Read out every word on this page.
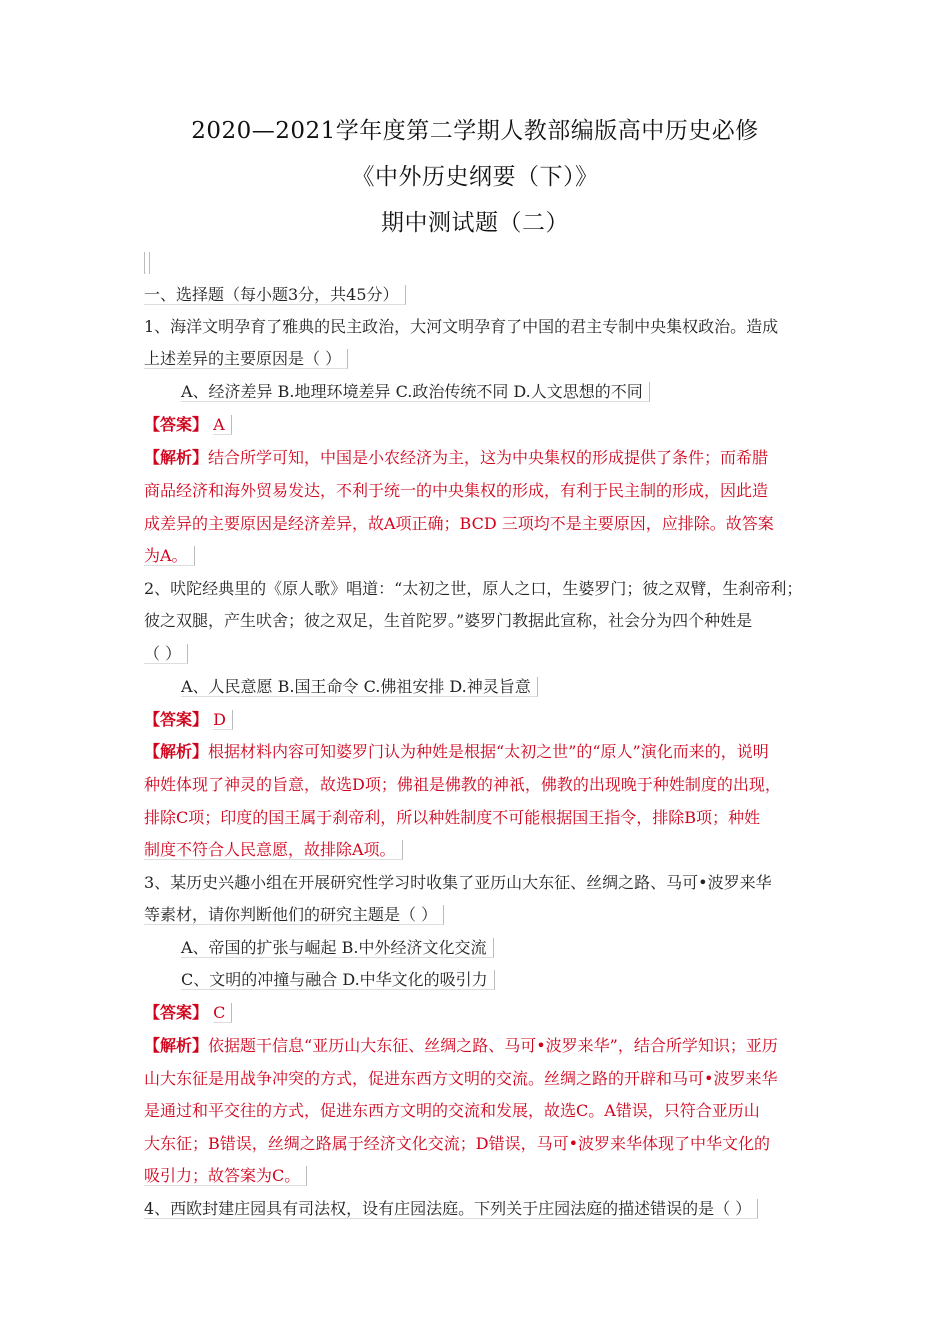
2020—2021学年度第二学期人教部编版高中历史必修
《中外历史纲要（下）》
期中测试题（二）
一、选择题（每小题3分，共45分）
1、海洋文明孕育了雅典的民主政治，大河文明孕育了中国的君主专制中央集权政治。造成
上述差异的主要原因是（ ）
A、经济差异 B.地理环境差异 C.政治传统不同 D.人文思想的不同
【答案】 A
【解析】结合所学可知，中国是小农经济为主，这为中央集权的形成提供了条件；而希腊
商品经济和海外贸易发达，不利于统一的中央集权的形成，有利于民主制的形成，因此造
成差异的主要原因是经济差异，故A项正确；BCD 三项均不是主要原因，应排除。故答案
为A。
2、吠陀经典里的《原人歌》唱道：“太初之世，原人之口，生婆罗门；彼之双臂，生刹帝利；
彼之双腿，产生吠舍；彼之双足，生首陀罗。”婆罗门教据此宣称，社会分为四个种姓是
（ ）
A、人民意愿 B.国王命令 C.佛祖安排 D.神灵旨意
【答案】 D
【解析】根据材料内容可知婆罗门认为种姓是根据“太初之世”的“原人”演化而来的，说明
种姓体现了神灵的旨意，故选D项；佛祖是佛教的神祇，佛教的出现晚于种姓制度的出现，
排除C项；印度的国王属于刹帝利，所以种姓制度不可能根据国王指令，排除B项；种姓
制度不符合人民意愿，故排除A项。
3、某历史兴趣小组在开展研究性学习时收集了亚历山大东征、丝绸之路、马可•波罗来华
等素材，请你判断他们的研究主题是（ ）
A、帝国的扩张与崛起 B.中外经济文化交流
C、文明的冲撞与融合 D.中华文化的吸引力
【答案】 C
【解析】依据题干信息“亚历山大东征、丝绸之路、马可•波罗来华”，结合所学知识；亚历
山大东征是用战争冲突的方式，促进东西方文明的交流。丝绸之路的开辟和马可•波罗来华
是通过和平交往的方式，促进东西方文明的交流和发展，故选C。A错误，只符合亚历山
大东征；B错误，丝绸之路属于经济文化交流；D错误，马可•波罗来华体现了中华文化的
吸引力；故答案为C。
4、西欧封建庄园具有司法权，设有庄园法庭。下列关于庄园法庭的描述错误的是（ ）
